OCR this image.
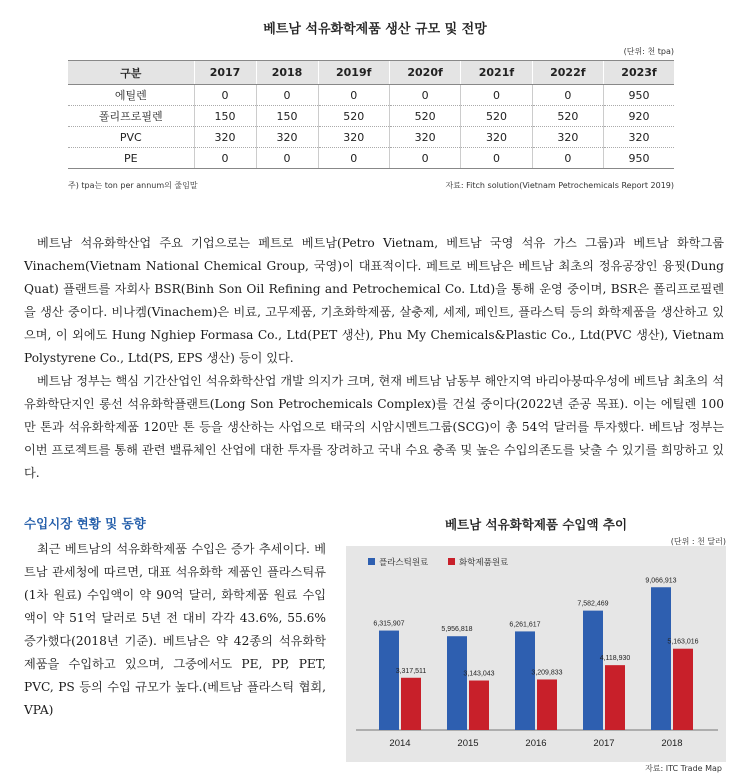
베트남 석유화학제품 생산 규모 및 전망
(단위: 천 tpa)
구분	2017	2018	2019f	2020f	2021f	2022f	2023f
에틸렌	0	0	0	0	0	0	950
폴리프로필렌	150	150	520	520	520	520	920
PVC	320	320	320	320	320	320	320
PE	0	0	0	0	0	0	950
주) tpa는 ton per annum의 줄임말	자료: Fitch solution(Vietnam Petrochemicals Report 2019)

베트남 석유화학산업 주요 기업으로는 페트로 베트남(Petro Vietnam, 베트남 국영 석유 가스 그룹)과 베트남 화학그룹 Vinachem(Vietnam National Chemical Group, 국영)이 대표적이다. 페트로 베트남은 베트남 최초의 정유공장인 융꿧(Dung Quat) 플랜트를 자회사 BSR(Binh Son Oil Refining and Petrochemical Co. Ltd)을 통해 운영 중이며, BSR은 폴리프로필렌을 생산 중이다. 비나켐(Vinachem)은 비료, 고무제품, 기초화학제품, 살충제, 세제, 페인트, 플라스틱 등의 화학제품을 생산하고 있으며, 이 외에도 Hung Nghiep Formasa Co., Ltd(PET 생산), Phu My Chemicals&Plastic Co., Ltd(PVC 생산), Vietnam Polystyrene Co., Ltd(PS, EPS 생산) 등이 있다.

베트남 정부는 핵심 기간산업인 석유화학산업 개발 의지가 크며, 현재 베트남 남동부 해안지역 바리아붕따우성에 베트남 최초의 석유화학단지인 롱선 석유화학플랜트(Long Son Petrochemicals Complex)를 건설 중이다(2022년 준공 목표). 이는 에틸렌 100만 톤과 석유화학제품 120만 톤 등을 생산하는 사업으로 태국의 시암시멘트그룹(SCG)이 총 54억 달러를 투자했다. 베트남 정부는 이번 프로젝트를 통해 관련 밸류체인 산업에 대한 투자를 장려하고 국내 수요 충족 및 높은 수입의존도를 낮출 수 있기를 희망하고 있다.

수입시장 현황 및 동향

최근 베트남의 석유화학제품 수입은 증가 추세이다. 베트남 관세청에 따르면, 대표 석유화학 제품인 플라스틱류(1차 원료) 수입액이 약 90억 달러, 화학제품 원료 수입액이 약 51억 달러로 5년 전 대비 각각 43.6%, 55.6% 증가했다(2018년 기준). 베트남은 약 42종의 석유화학제품을 수입하고 있으며, 그중에서도 PE, PP, PET, PVC, PS 등의 수입 규모가 높다.(베트남 플라스틱 협회, VPA)

베트남 석유화학제품 수입액 추이
(단위 : 천 달러)
6,315,907
3,317,511
2014
5,956,818
3,143,043
2015
6,261,617
3,209,833
2016
7,582,469
4,118,930
2017
9,066,913
5,163,016
2018
플라스틱원료	화학제품원료
자료: ITC Trade Map
